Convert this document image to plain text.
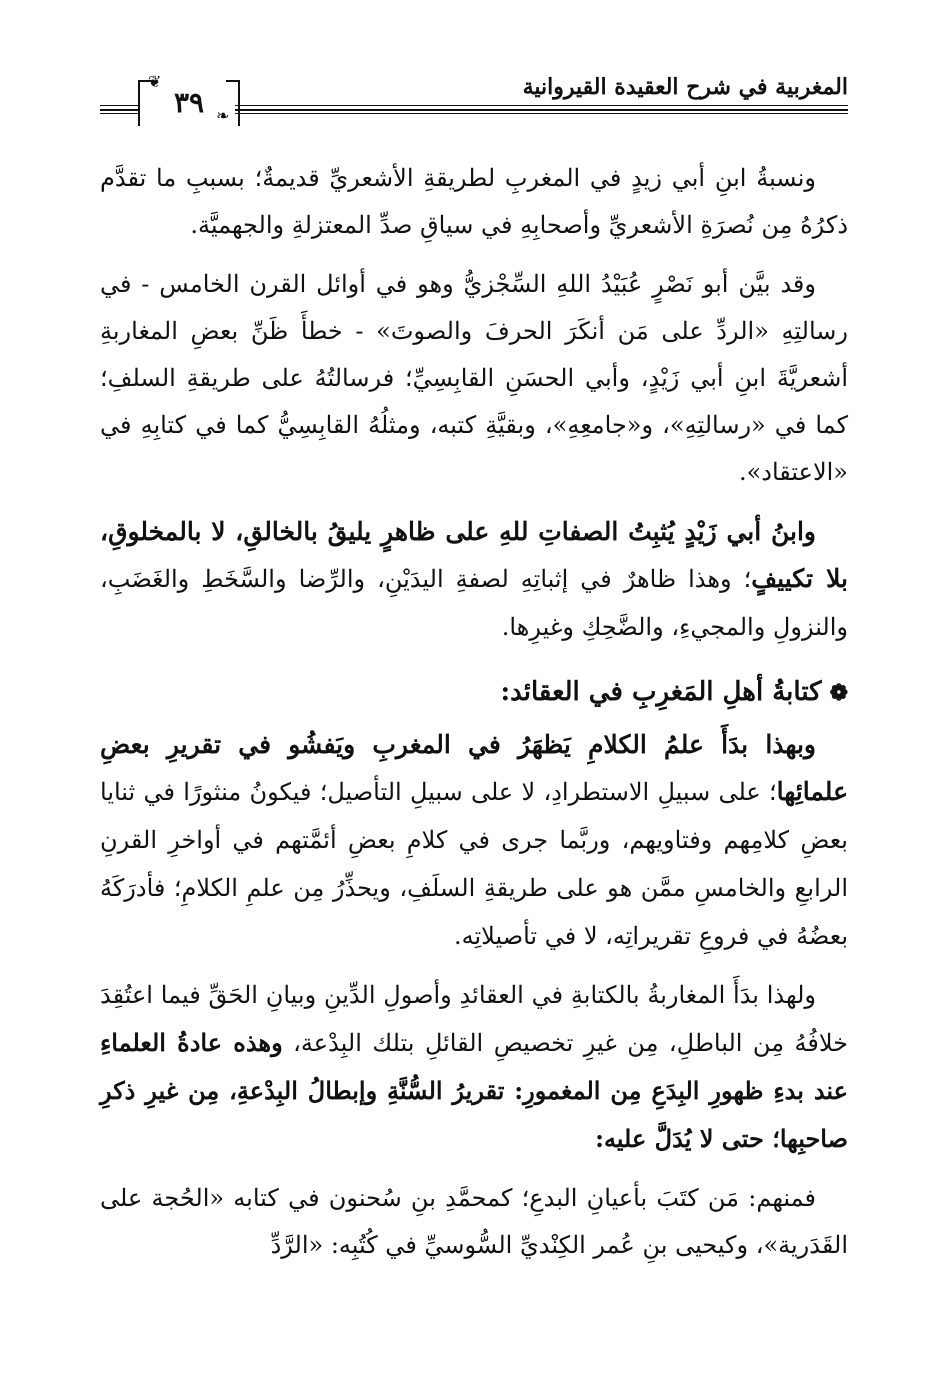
٣٩
❦
❧
المغربية في شرح العقيدة القيروانية

ونسبةُ ابنِ أبي زيدٍ في المغربِ لطريقةِ الأشعريِّ قديمةٌ؛ بسببِ ما تقدَّم ذكرُهُ مِن نُصرَةِ الأشعريِّ وأصحابِهِ في سياقِ صدِّ المعتزلةِ والجهميَّة.

وقد بيَّن أبو نَصْرٍ عُبَيْدُ اللهِ السِّجْزيُّ وهو في أوائل القرن الخامس - في رسالتِهِ «الردِّ على مَن أنكَرَ الحرفَ والصوتَ» - خطأَ ظَنِّ بعضِ المغاربةِ أشعريَّةَ ابنِ أبي زَيْدٍ، وأبي الحسَنِ القابِسِيِّ؛ فرسالتُهُ على طريقةِ السلفِ؛ كما في «رسالتِهِ»، و«جامعِهِ»، وبقيَّةِ كتبه، ومثلُهُ القابِسِيُّ كما في كتابِهِ في «الاعتقاد».

وابنُ أبي زَيْدٍ يُثبِتُ الصفاتِ للهِ على ظاهرٍ يليقُ بالخالقِ، لا بالمخلوقِ، بلا تكييفٍ؛ وهذا ظاهرٌ في إثباتِهِ لصفةِ اليدَيْنِ، والرِّضا والسَّخَطِ والغَضَبِ، والنزولِ والمجيءِ، والضَّحِكِ وغيرِها.

❁كتابةُ أهلِ المَغرِبِ في العقائد:

وبهذا بدَأَ علمُ الكلامِ يَظهَرُ في المغربِ ويَفشُو في تقريرِ بعضِ علمائِها؛ على سبيلِ الاستطرادِ، لا على سبيلِ التأصيل؛ فيكونُ منثورًا في ثنايا بعضِ كلامِهم وفتاويهم، وربَّما جرى في كلامِ بعضِ أئمَّتهم في أواخرِ القرنِ الرابعِ والخامسِ ممَّن هو على طريقةِ السلَفِ، ويحذِّرُ مِن علمِ الكلامِ؛ فأدرَكَهُ بعضُهُ في فروعِ تقريراتِه، لا في تأصيلاتِه.

ولهذا بدَأَ المغاربةُ بالكتابةِ في العقائدِ وأصولِ الدِّينِ وبيانِ الحَقِّ فيما اعتُقِدَ خلافُهُ مِن الباطلِ، مِن غيرِ تخصيصِ القائلِ بتلك البِدْعة، وهذه عادةُ العلماءِ عند بدءِ ظهورِ البِدَعِ مِن المغمورِ: تقريرُ السُّنَّةِ وإبطالُ البِدْعةِ، مِن غيرِ ذكرِ صاحبِها؛ حتى لا يُدَلَّ عليه:

فمنهم: مَن كتَبَ بأعيانِ البدعِ؛ كمحمَّدِ بنِ سُحنون في كتابه «الحُجة على القَدَرية»، وكيحيى بنِ عُمر الكِنْديِّ السُّوسيِّ في كُتُبِه: «الرَّدِّ
